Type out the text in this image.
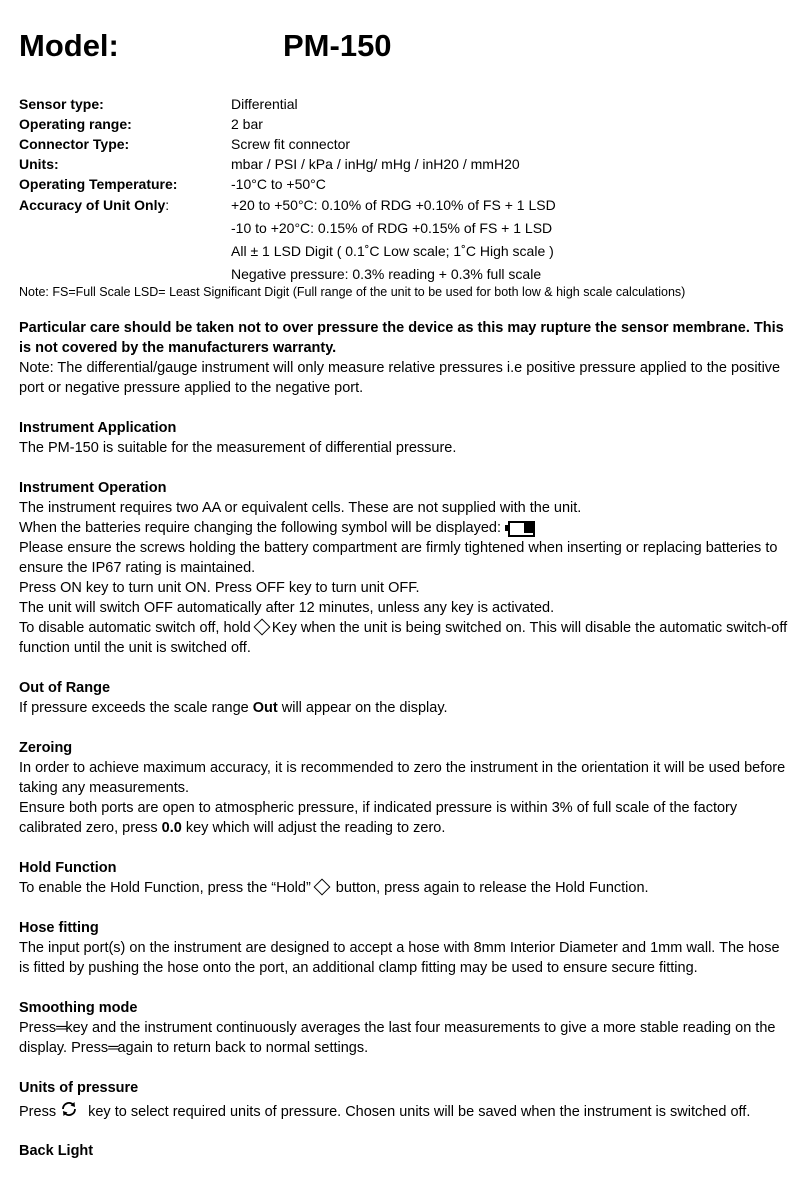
Model:	PM-150
Sensor type:	Differential
Operating range:	2 bar
Connector Type:	Screw fit connector
Units:	mbar / PSI / kPa / inHg/ mHg / inH20 / mmH20
Operating Temperature:	-10°C to +50°C
Accuracy of Unit Only:	+20 to +50°C: 0.10% of RDG +0.10% of FS + 1 LSD
-10 to +20°C: 0.15% of RDG +0.15% of FS + 1 LSD
All ± 1 LSD Digit ( 0.1˚C Low scale; 1˚C High scale )
Negative pressure: 0.3% reading + 0.3% full scale
Note: FS=Full Scale LSD= Least Significant Digit (Full range of the unit to be used for both low & high scale calculations)

Particular care should be taken not to over pressure the device as this may rupture the sensor membrane. This is not covered by the manufacturers warranty.

Note: The differential/gauge instrument will only measure relative pressures i.e positive pressure applied to the positive port or negative pressure applied to the negative port.

Instrument Application

The PM-150 is suitable for the measurement of differential pressure.

Instrument Operation

The instrument requires two AA or equivalent cells. These are not supplied with the unit.

When the batteries require changing the following symbol will be displayed:

Please ensure the screws holding the battery compartment are firmly tightened when inserting or replacing batteries to ensure the IP67 rating is maintained.

Press ON key to turn unit ON. Press OFF key to turn unit OFF.

The unit will switch OFF automatically after 12 minutes, unless any key is activated.

To disable automatic switch off, hold Key when the unit is being switched on. This will disable the automatic switch-off function until the unit is switched off.

Out of Range

If pressure exceeds the scale range Out will appear on the display.

Zeroing

In order to achieve maximum accuracy, it is recommended to zero the instrument in the orientation it will be used before taking any measurements.

Ensure both ports are open to atmospheric pressure, if indicated pressure is within 3% of full scale of the factory calibrated zero, press 0.0 key which will adjust the reading to zero.

Hold Function

To enable the Hold Function, press the “Hold” button, press again to release the Hold Function.

Hose fitting

The input port(s) on the instrument are designed to accept a hose with 8mm Interior Diameter and 1mm wall. The hose is fitted by pushing the hose onto the port, an additional clamp fitting may be used to ensure secure fitting.

Smoothing mode

Press═key and the instrument continuously averages the last four measurements to give a more stable reading on the display. Press═again to return back to normal settings.

Units of pressure

Press key to select required units of pressure. Chosen units will be saved when the instrument is switched off.

Back Light
